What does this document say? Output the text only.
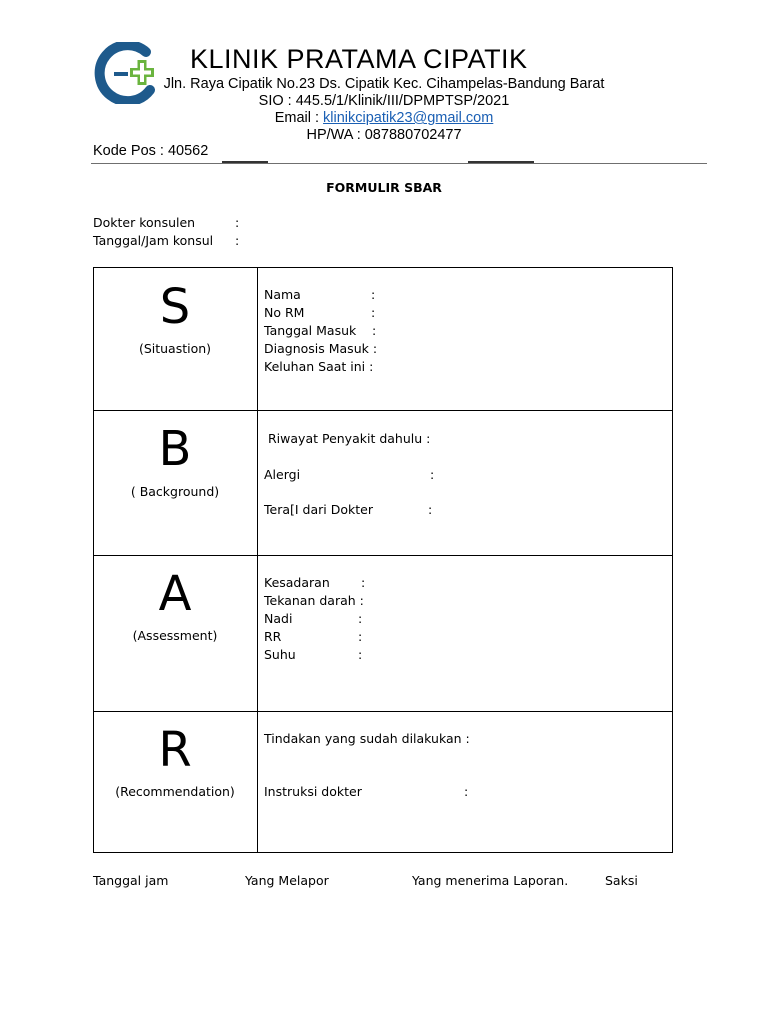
KLINIK PRATAMA CIPATIK
Jln. Raya Cipatik No.23 Ds. Cipatik Kec. Cihampelas-Bandung Barat
SIO : 445.5/1/Klinik/III/DPMPTSP/2021
Email : klinikcipatik23@gmail.com
HP/WA : 087880702477
Kode Pos : 40562
FORMULIR SBAR
Dokter konsulen	:
Tanggal/Jam konsul :
S
(Situastion)
Nama	:
No RM	:
Tanggal Masuk :
Diagnosis Masuk :
Keluhan Saat ini :
B
( Background)
Riwayat Penyakit dahulu :
Alergi	:
Tera[I dari Dokter	:
A
(Assessment)
Kesadaran :
Tekanan darah :
Nadi	:
RR	:
Suhu	:
R
(Recommendation)
Tindakan yang sudah dilakukan :
Instruksi dokter	:
Tanggal jam	Yang Melapor	Yang menerima Laporan.	Saksi
